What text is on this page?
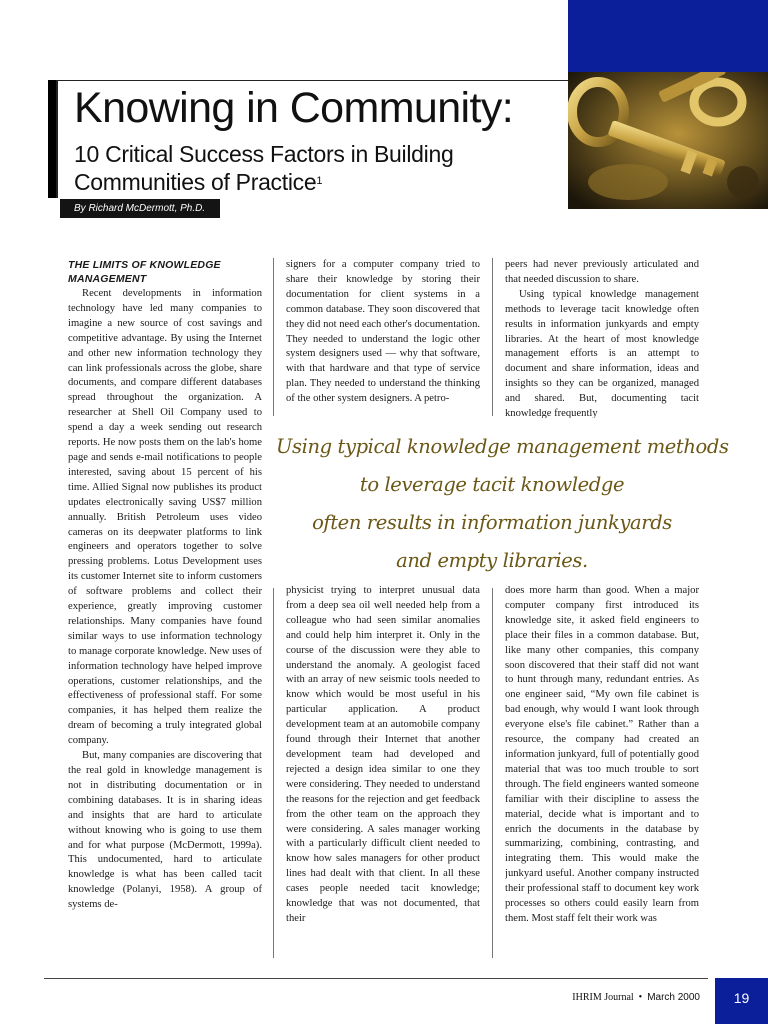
Knowing in Community:
10 Critical Success Factors in Building Communities of Practice$^1$
By Richard McDermott, Ph.D.
THE LIMITS OF KNOWLEDGE MANAGEMENT

Recent developments in information technology have led many companies to imagine a new source of cost savings and competitive advantage. By using the Internet and other new information technology they can link professionals across the globe, share documents, and compare different databases spread throughout the organization. A researcher at Shell Oil Company used to spend a day a week sending out research reports. He now posts them on the lab's home page and sends e-mail notifications to people interested, saving about 15 percent of his time. Allied Signal now publishes its product updates electronically saving US$7 million annually. British Petroleum uses video cameras on its deepwater platforms to link engineers and operators together to solve pressing problems. Lotus Development uses its customer Internet site to inform customers of software problems and collect their experience, greatly improving customer relationships. Many companies have found similar ways to use information technology to manage corporate knowledge. New uses of information technology have helped improve operations, customer relationships, and the effectiveness of professional staff. For some companies, it has helped them realize the dream of becoming a truly integrated global company.

But, many companies are discovering that the real gold in knowledge management is not in distributing documentation or in combining databases. It is in sharing ideas and insights that are hard to articulate without knowing who is going to use them and for what purpose (McDermott, 1999a). This undocumented, hard to articulate knowledge is what has been called tacit knowledge (Polanyi, 1958). A group of systems de-

signers for a computer company tried to share their knowledge by storing their documentation for client systems in a common database. They soon discovered that they did not need each other's documentation. They needed to understand the logic other system designers used — why that software, with that hardware and that type of service plan. They needed to understand the thinking of the other system designers. A petro-

peers had never previously articulated and that needed discussion to share.

Using typical knowledge management methods to leverage tacit knowledge often results in information junkyards and empty libraries. At the heart of most knowledge management efforts is an attempt to document and share information, ideas and insights so they can be organized, managed and shared. But, documenting tacit knowledge frequently

Using typical knowledge management methods
to leverage tacit knowledge
often results in information junkyards
and empty libraries.

physicist trying to interpret unusual data from a deep sea oil well needed help from a colleague who had seen similar anomalies and could help him interpret it. Only in the course of the discussion were they able to understand the anomaly. A geologist faced with an array of new seismic tools needed to know which would be most useful in his particular application. A product development team at an automobile company found through their Internet that another development team had developed and rejected a design idea similar to one they were considering. They needed to understand the reasons for the rejection and get feedback from the other team on the approach they were considering. A sales manager working with a particularly difficult client needed to know how sales managers for other product lines had dealt with that client. In all these cases people needed tacit knowledge; knowledge that was not documented, that their

does more harm than good. When a major computer company first introduced its knowledge site, it asked field engineers to place their files in a common database. But, like many other companies, this company soon discovered that their staff did not want to hunt through many, redundant entries. As one engineer said, “My own file cabinet is bad enough, why would I want look through everyone else's file cabinet.” Rather than a resource, the company had created an information junkyard, full of potentially good material that was too much trouble to sort through. The field engineers wanted someone familiar with their discipline to assess the material, decide what is important and to enrich the documents in the database by summarizing, combining, contrasting, and integrating them. This would make the junkyard useful. Another company instructed their professional staff to document key work processes so others could easily learn from them. Most staff felt their work was

IHRIM Journal • March 2000	19
